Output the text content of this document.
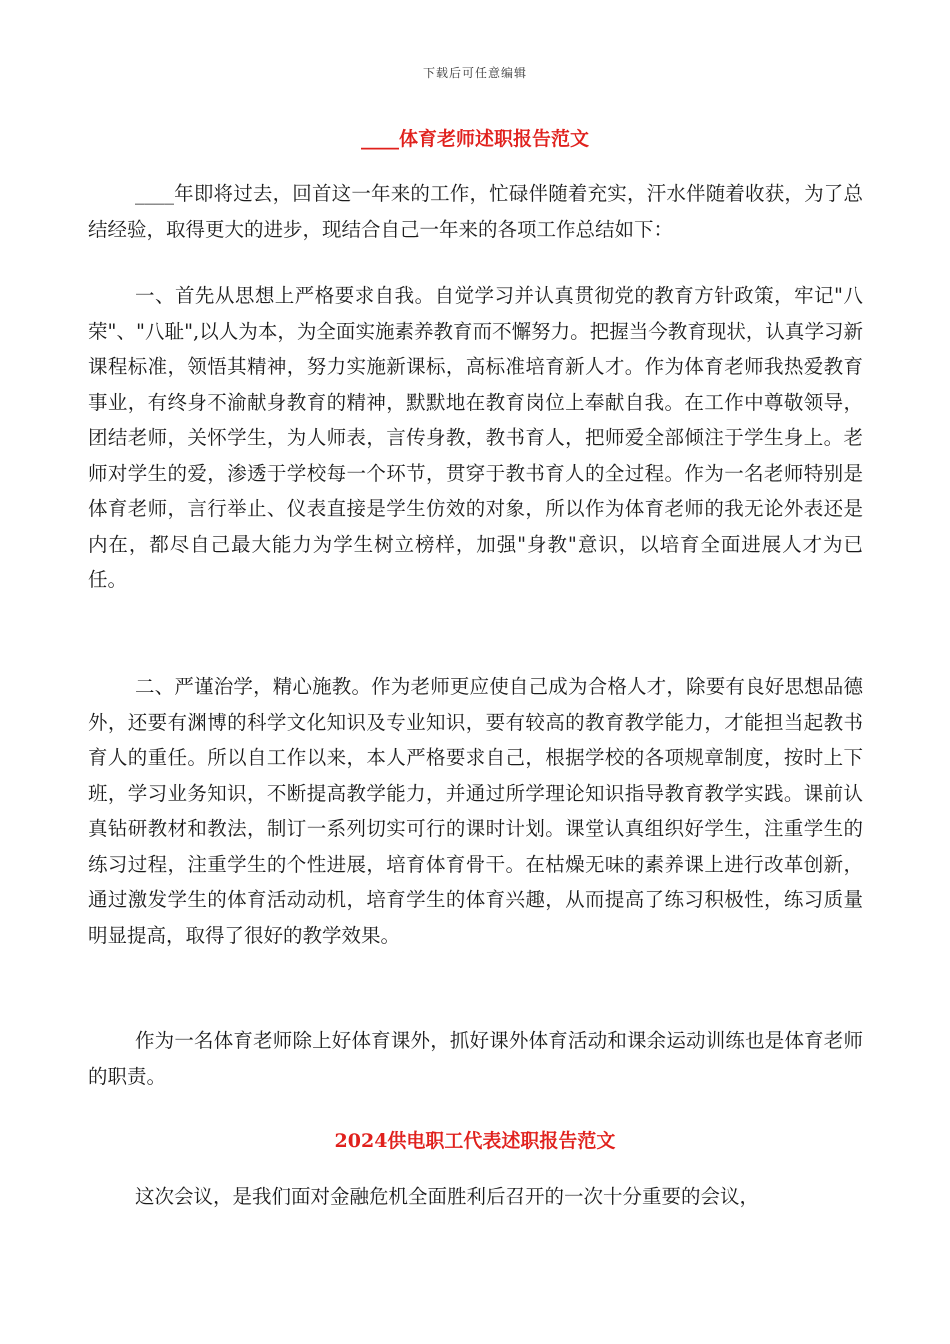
下载后可任意编辑
____体育老师述职报告范文

____年即将过去，回首这一年来的工作，忙碌伴随着充实，汗水伴随着收获，为了总结经验，取得更大的进步，现结合自己一年来的各项工作总结如下：

一、首先从思想上严格要求自我。自觉学习并认真贯彻党的教育方针政策，牢记"八荣"、"八耻",以人为本，为全面实施素养教育而不懈努力。把握当今教育现状，认真学习新课程标准，领悟其精神，努力实施新课标，高标准培育新人才。作为体育老师我热爱教育事业，有终身不渝献身教育的精神，默默地在教育岗位上奉献自我。在工作中尊敬领导，团结老师，关怀学生，为人师表，言传身教，教书育人，把师爱全部倾注于学生身上。老师对学生的爱，渗透于学校每一个环节，贯穿于教书育人的全过程。作为一名老师特别是体育老师，言行举止、仪表直接是学生仿效的对象，所以作为体育老师的我无论外表还是内在，都尽自己最大能力为学生树立榜样，加强"身教"意识，以培育全面进展人才为已任。

二、严谨治学，精心施教。作为老师更应使自己成为合格人才，除要有良好思想品德外，还要有渊博的科学文化知识及专业知识，要有较高的教育教学能力，才能担当起教书育人的重任。所以自工作以来，本人严格要求自己，根据学校的各项规章制度，按时上下班，学习业务知识，不断提高教学能力，并通过所学理论知识指导教育教学实践。课前认真钻研教材和教法，制订一系列切实可行的课时计划。课堂认真组织好学生，注重学生的练习过程，注重学生的个性进展，培育体育骨干。在枯燥无味的素养课上进行改革创新，通过激发学生的体育活动动机，培育学生的体育兴趣，从而提高了练习积极性，练习质量明显提高，取得了很好的教学效果。

作为一名体育老师除上好体育课外，抓好课外体育活动和课余运动训练也是体育老师的职责。

2024供电职工代表述职报告范文

这次会议，是我们面对金融危机全面胜利后召开的一次十分重要的会议，
